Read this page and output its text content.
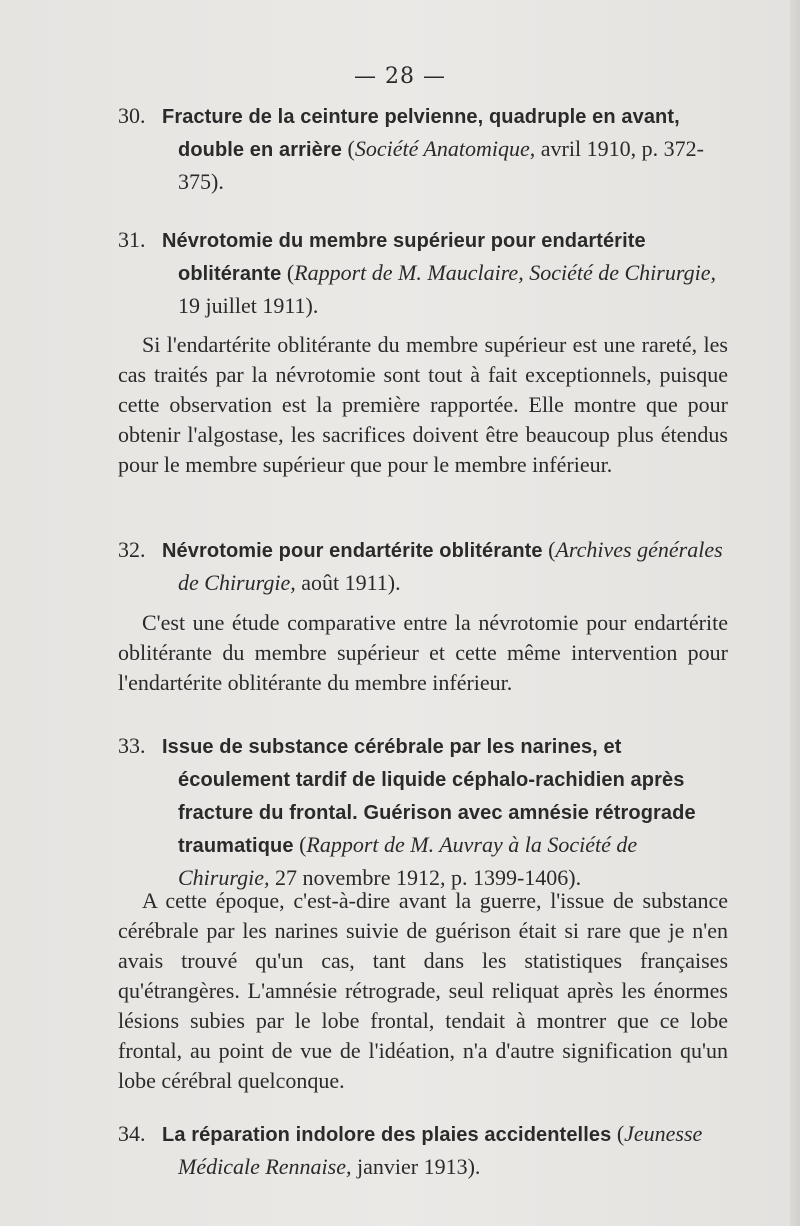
— 28 —
30. Fracture de la ceinture pelvienne, quadruple en avant, double en arrière (Société Anatomique, avril 1910, p. 372-375).
31. Névrotomie du membre supérieur pour endartérite oblitérante (Rapport de M. Mauclaire, Société de Chirurgie, 19 juillet 1911).
Si l'endartérite oblitérante du membre supérieur est une rareté, les cas traités par la névrotomie sont tout à fait exceptionnels, puisque cette observation est la première rapportée. Elle montre que pour obtenir l'algostase, les sacrifices doivent être beaucoup plus étendus pour le membre supérieur que pour le membre inférieur.
32. Névrotomie pour endartérite oblitérante (Archives générales de Chirurgie, août 1911).
C'est une étude comparative entre la névrotomie pour endartérite oblitérante du membre supérieur et cette même intervention pour l'endartérite oblitérante du membre inférieur.
33. Issue de substance cérébrale par les narines, et écoulement tardif de liquide céphalo-rachidien après fracture du frontal. Guérison avec amnésie rétrograde traumatique (Rapport de M. Auvray à la Société de Chirurgie, 27 novembre 1912, p. 1399-1406).
A cette époque, c'est-à-dire avant la guerre, l'issue de substance cérébrale par les narines suivie de guérison était si rare que je n'en avais trouvé qu'un cas, tant dans les statistiques françaises qu'étrangères. L'amnésie rétrograde, seul reliquat après les énormes lésions subies par le lobe frontal, tendait à montrer que ce lobe frontal, au point de vue de l'idéation, n'a d'autre signification qu'un lobe cérébral quelconque.
34. La réparation indolore des plaies accidentelles (Jeunesse Médicale Rennaise, janvier 1913).
